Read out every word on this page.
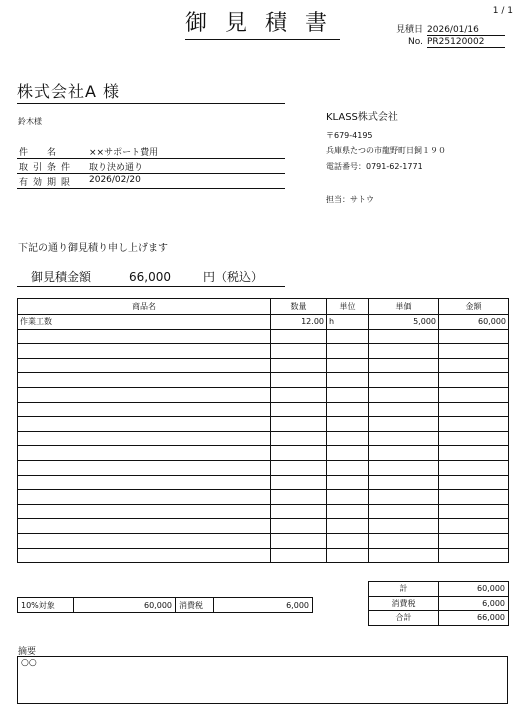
1 / 1
御見積書	見積日 2026/01/16
No. PR25120002
株式会社A 様
鈴木様
件　名	××サポート費用
取引条件	取り決め通り
有効期限	2026/02/20
KLASS株式会社
〒679-4195
兵庫県たつの市龍野町日飼１９０
電話番号：0791-62-1771
担当：サトウ
下記の通り御見積り申し上げます
御見積金額	66,000	円（税込）
商品名	数量	単位	単価	金額
作業工数	12.00	h	5,000	60,000

10%対象	60,000	消費税	6,000
計	60,000
消費税	6,000
合計	66,000
摘要
○○
